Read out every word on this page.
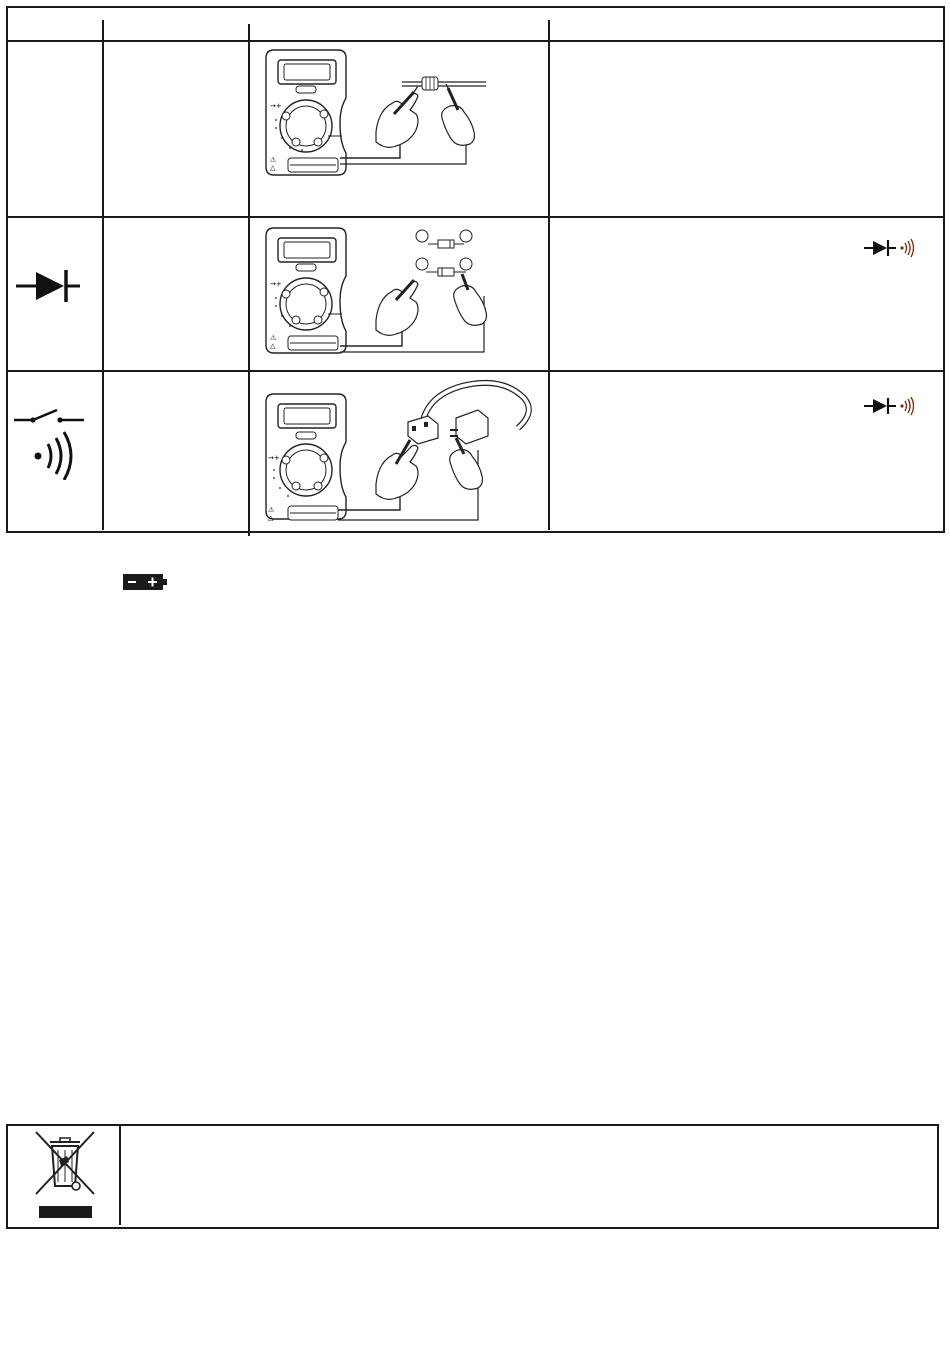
→+
⚠
△
→+
⚠
△
→+
⚠
△
